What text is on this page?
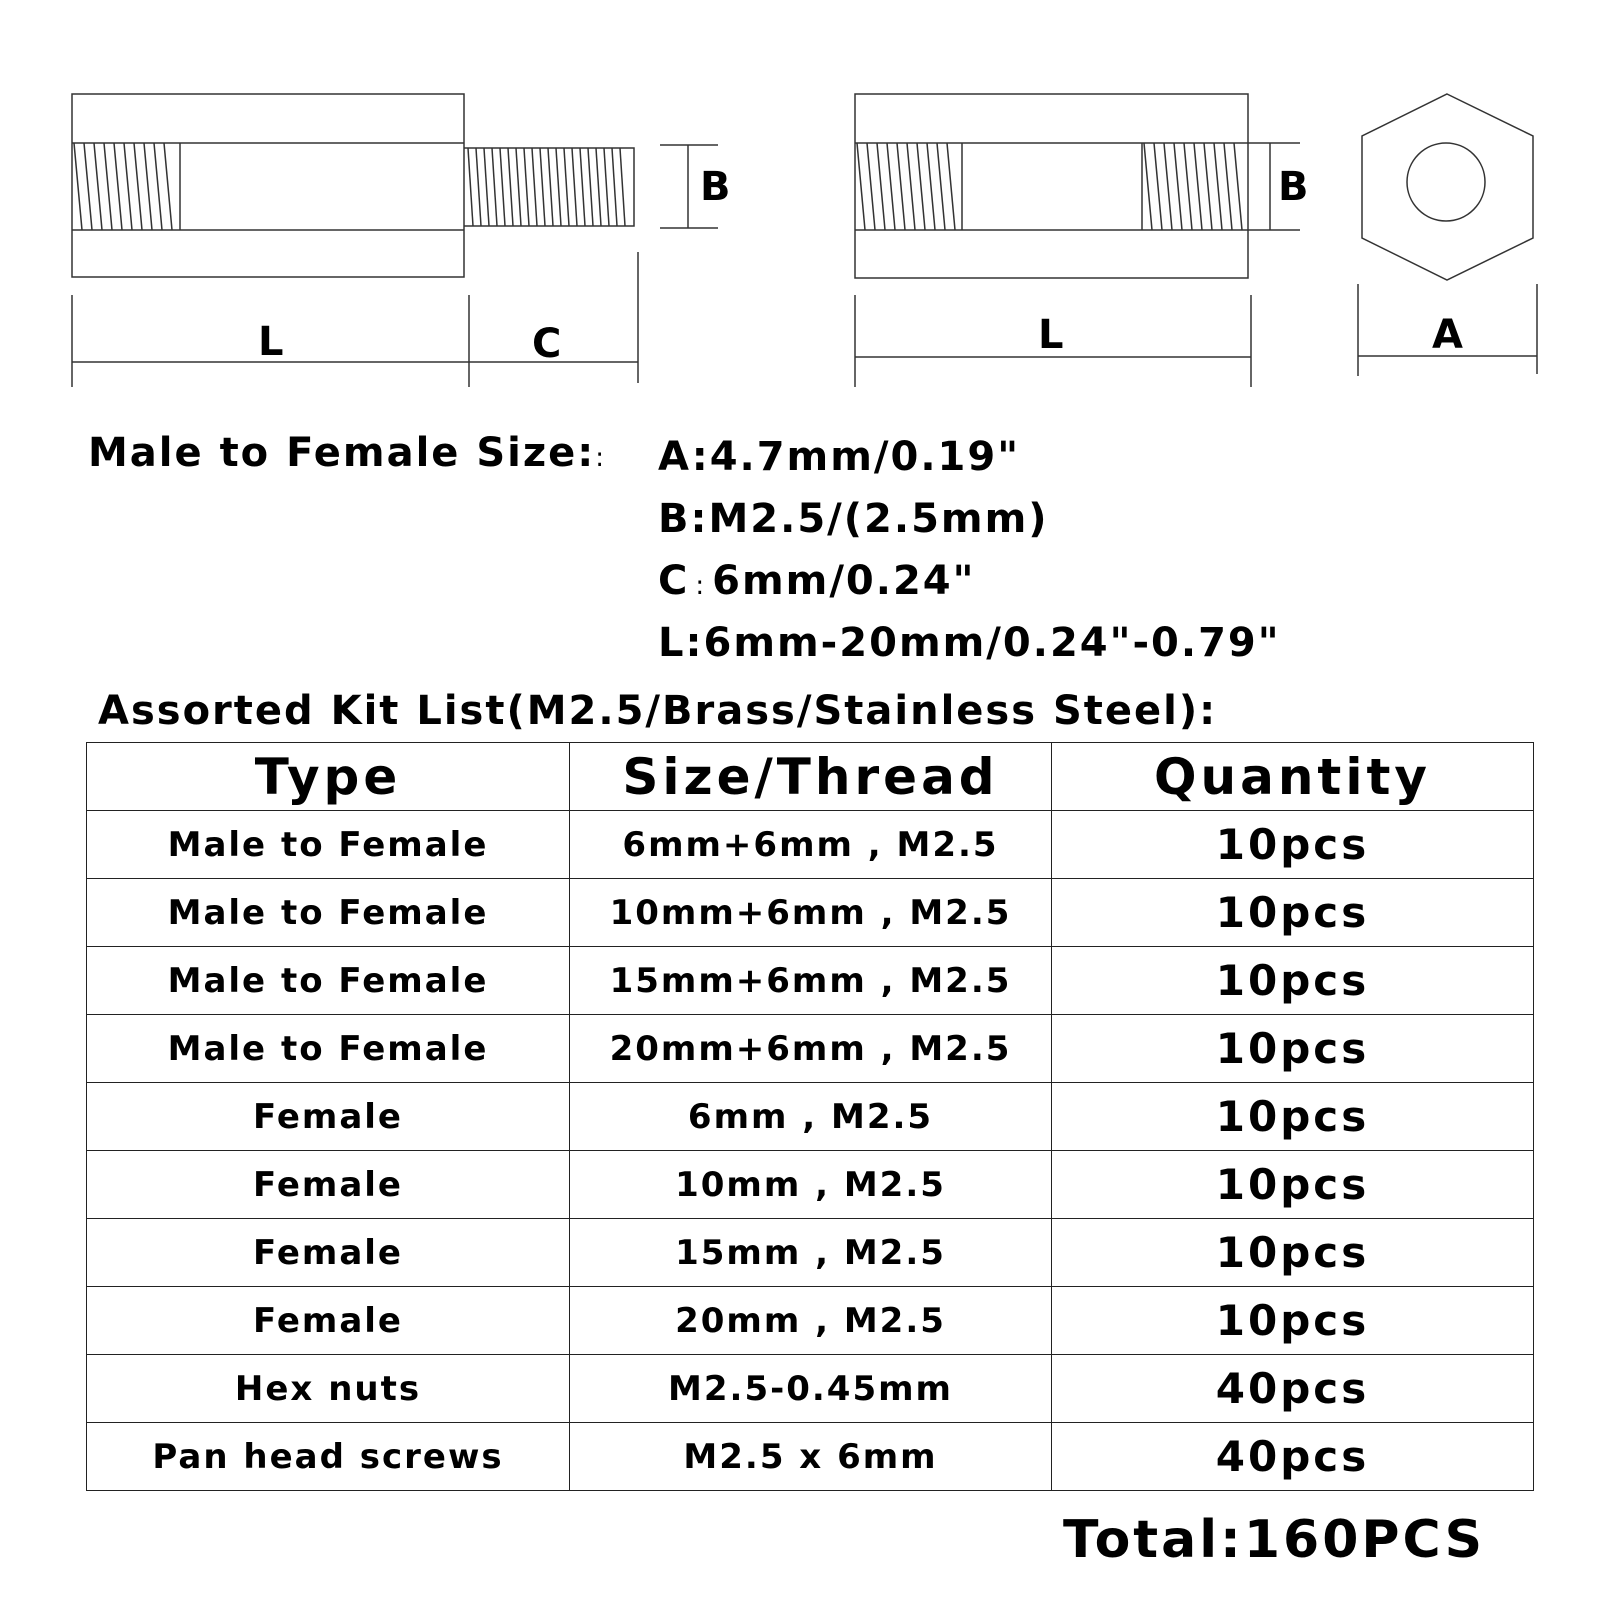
B
L	C
B
L	A
Male to Female Size:: A:4.7mm/0.19"
B:M2.5/(2.5mm)
C : 6mm/0.24"
L:6mm-20mm/0.24"-0.79"
Assorted Kit List(M2.5/Brass/Stainless Steel):
Type	Size/Thread	Quantity
Male to Female	6mm+6mm , M2.5	10pcs
Male to Female	10mm+6mm , M2.5	10pcs
Male to Female	15mm+6mm , M2.5	10pcs
Male to Female	20mm+6mm , M2.5	10pcs
Female	6mm , M2.5	10pcs
Female	10mm , M2.5	10pcs
Female	15mm , M2.5	10pcs
Female	20mm , M2.5	10pcs
Hex nuts	M2.5-0.45mm	40pcs
Pan head screws	M2.5 x 6mm	40pcs
Total:160PCS
